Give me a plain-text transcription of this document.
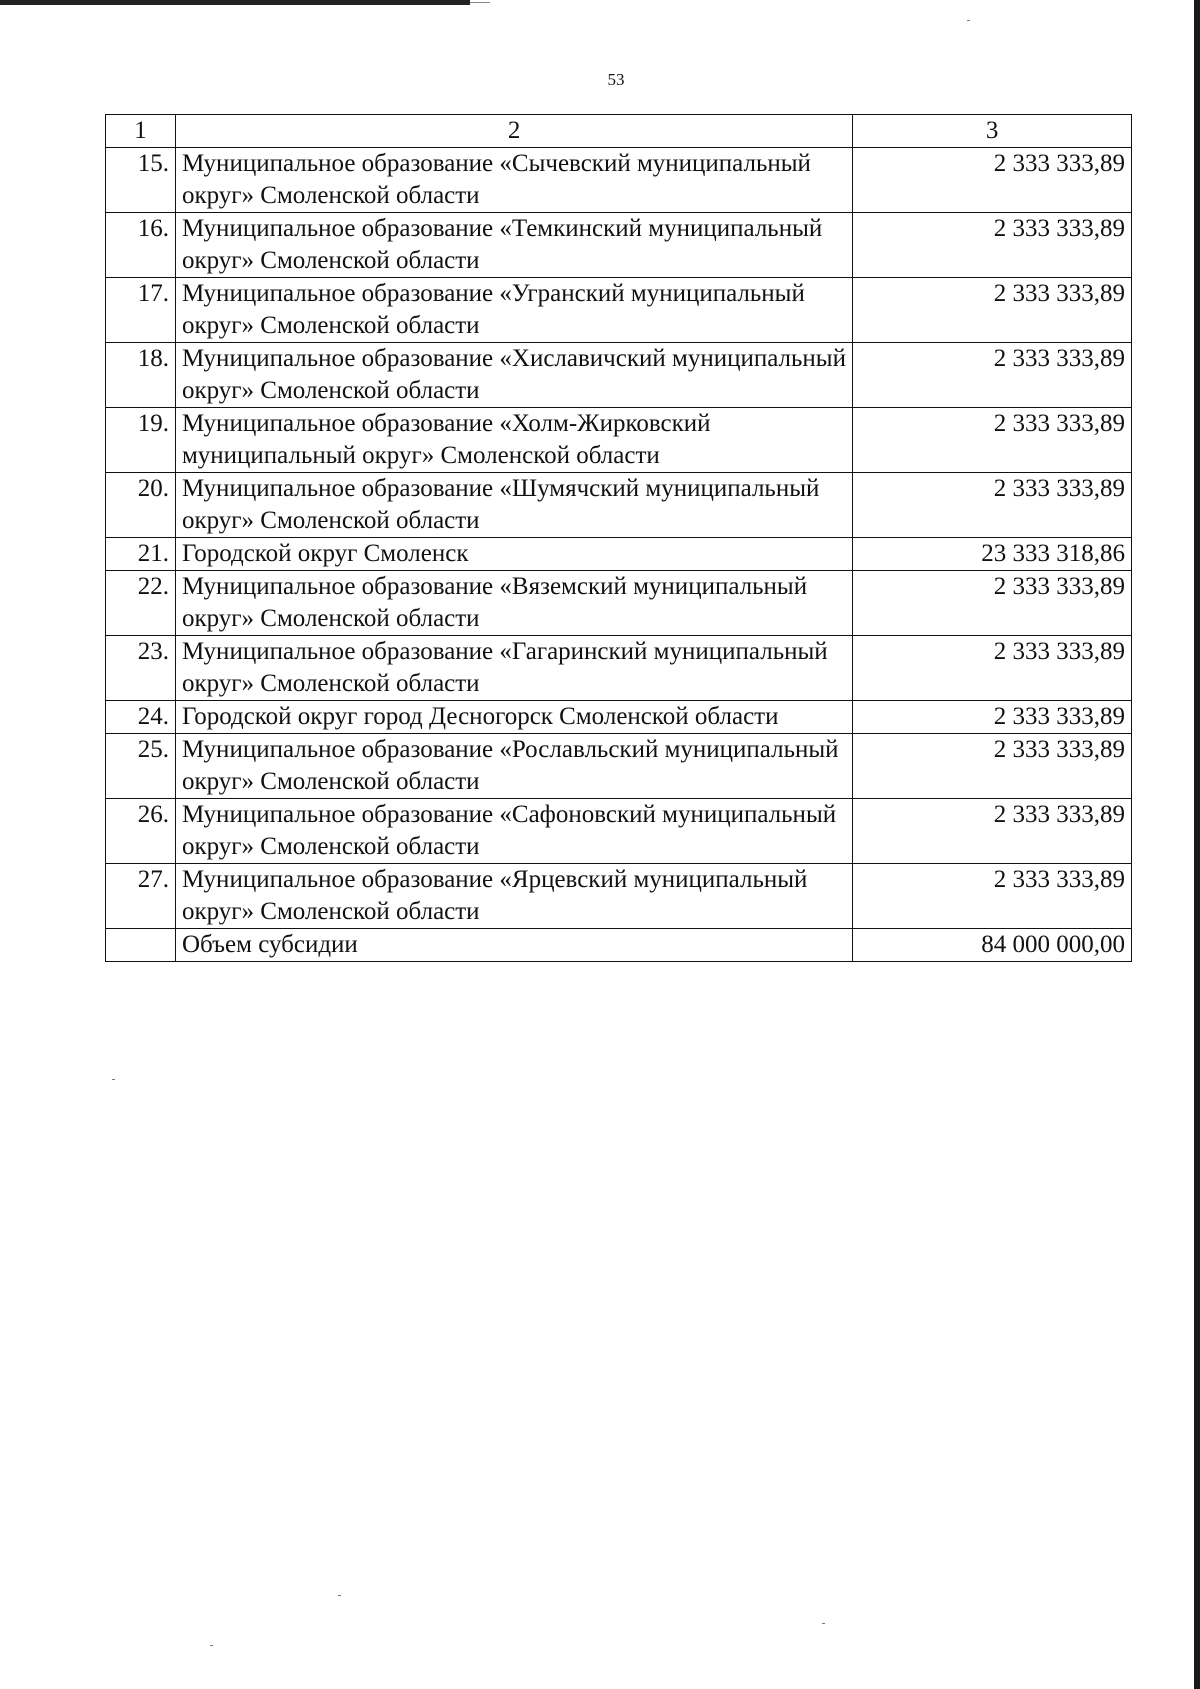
53
1	2	3
15.	Муниципальное образование «Сычевский муниципальный округ» Смоленской области	2 333 333,89
16.	Муниципальное образование «Темкинский муниципальный округ» Смоленской области	2 333 333,89
17.	Муниципальное образование «Угранский муниципальный округ» Смоленской области	2 333 333,89
18.	Муниципальное образование «Хиславичский муниципальный округ» Смоленской области	2 333 333,89
19.	Муниципальное образование «Холм-Жирковский муниципальный округ» Смоленской области	2 333 333,89
20.	Муниципальное образование «Шумячский муниципальный округ» Смоленской области	2 333 333,89
21.	Городской округ Смоленск	23 333 318,86
22.	Муниципальное образование «Вяземский муниципальный округ» Смоленской области	2 333 333,89
23.	Муниципальное образование «Гагаринский муниципальный округ» Смоленской области	2 333 333,89
24.	Городской округ город Десногорск Смоленской области	2 333 333,89
25.	Муниципальное образование «Рославльский муниципальный округ» Смоленской области	2 333 333,89
26.	Муниципальное образование «Сафоновский муниципальный округ» Смоленской области	2 333 333,89
27.	Муниципальное образование «Ярцевский муниципальный округ» Смоленской области	2 333 333,89
	Объем субсидии	84 000 000,00
